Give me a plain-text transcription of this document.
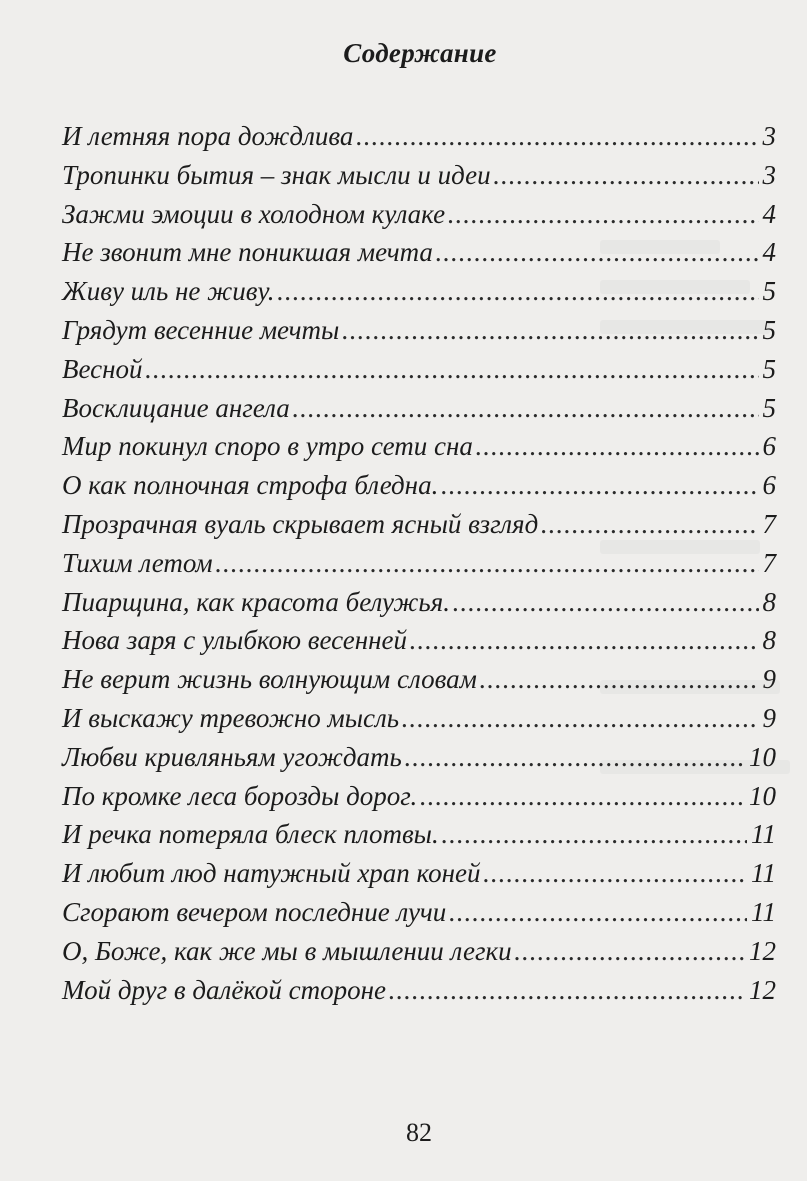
Содержание
И летняя пора дождлива .....	3
Тропинки бытия – знак мысли и идеи .....	3
Зажми эмоции в холодном кулаке .....	4
Не звонит мне поникшая мечта .....	4
Живу иль не живу. .....	5
Грядут весенние мечты .....	5
Весной .....	5
Восклицание ангела .....	5
Мир покинул споро в утро сети сна .....	6
О как полночная строфа бледна. .....	6
Прозрачная вуаль скрывает ясный взгляд .....	7
Тихим летом .....	7
Пиарщина, как красота белужья. .....	8
Нова заря с улыбкою весенней .....	8
Не верит жизнь волнующим словам .....	9
И выскажу тревожно мысль .....	9
Любви кривляньям угождать .....	10
По кромке леса борозды дорог. .....	10
И речка потеряла блеск плотвы. .....	11
И любит люд натужный храп коней .....	11
Сгорают вечером последние лучи .....	11
О, Боже, как же мы в мышлении легки .....	12
Мой друг в далёкой стороне .....	12
82
